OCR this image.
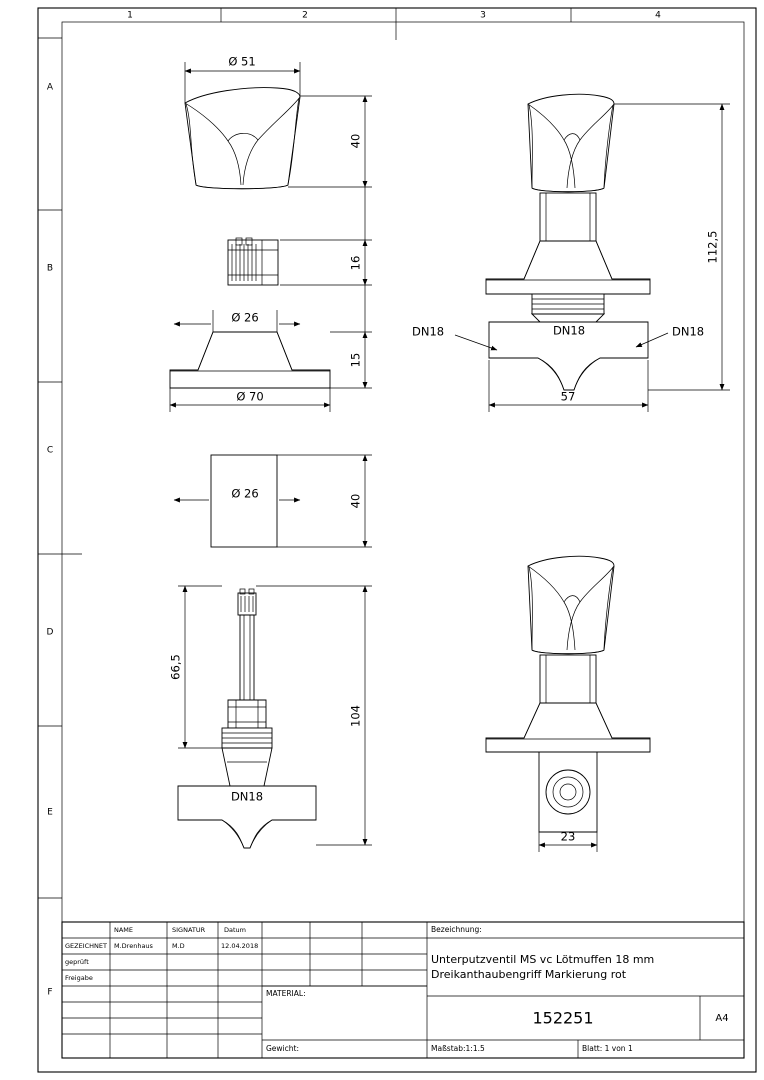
1	2	3	4
A
B
C
D
E
F
Ø 51
40
16
15
Ø 26
Ø 70
Ø 26
40
DN18
66,5
104
DN18
DN18	DN18
112,5
57
23
NAME	SIGNATUR	Datum
GEZEICHNET M.Drenhaus	M.D	12.04.2018
geprüft
Freigabe
MATERIAL:
Gewicht:
Bezeichnung:
Unterputzventil MS vc Lötmuffen 18 mm
Dreikanthaubengriff Markierung rot
152251	A4
Maßstab:1:1.5	Blatt: 1 von 1
